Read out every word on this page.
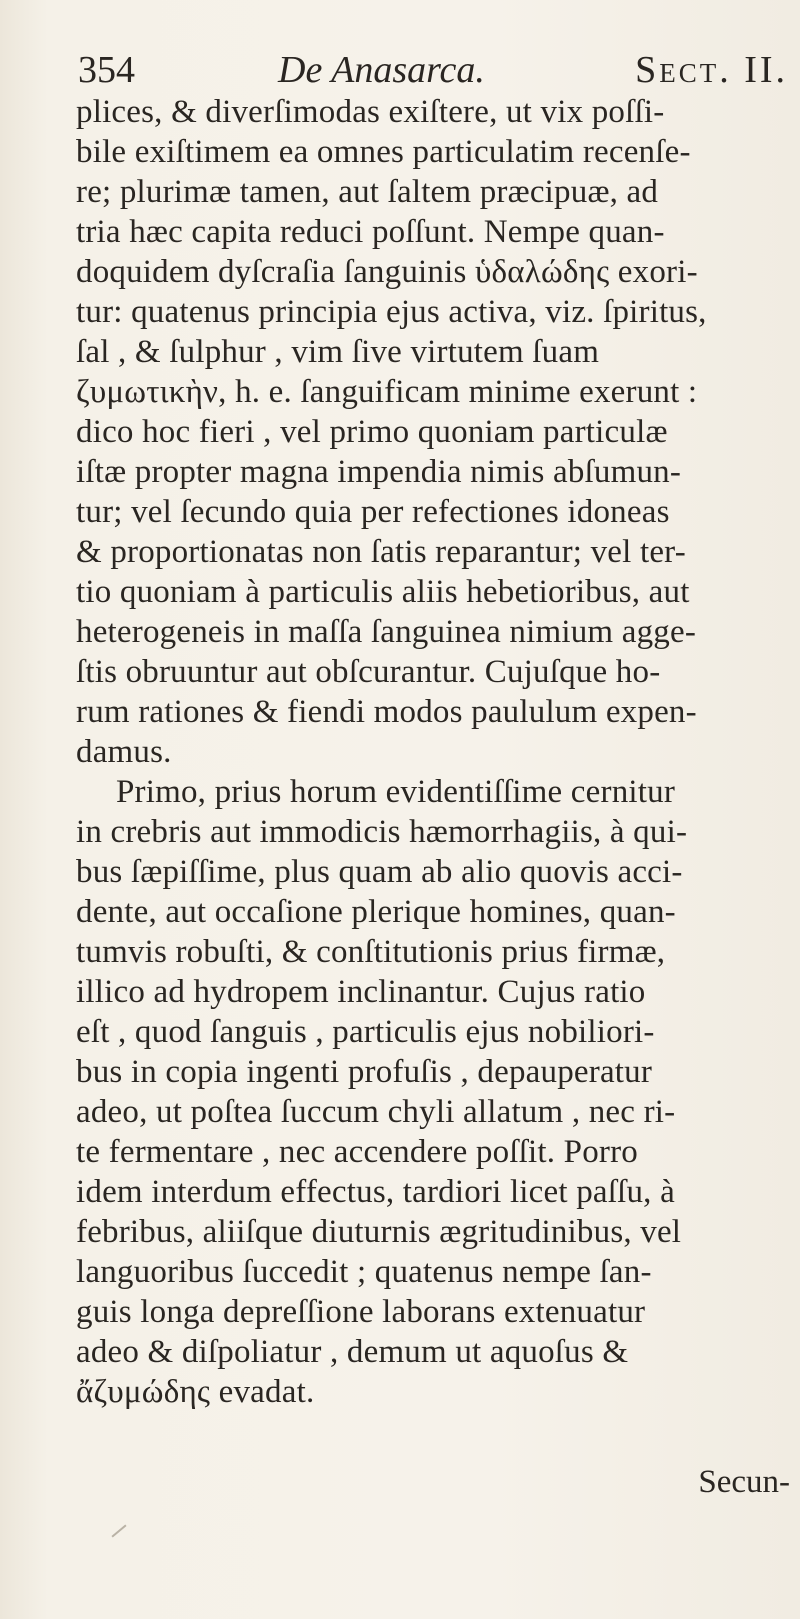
354	De Anasarca.	Sect. II.
plices, & diverſimodas exiſtere, ut vix poſſi-
bile exiſtimem ea omnes particulatim recenſe-
re; plurimæ tamen, aut ſaltem præcipuæ, ad
tria hæc capita reduci poſſunt. Nempe quan-
doquidem dyſcraſia ſanguinis ὑδαλώδης exori-
tur: quatenus principia ejus activa, viz. ſpiritus,
ſal , & ſulphur , vim ſive virtutem ſuam
ζυμωτικὴν, h. e. ſanguificam minime exerunt :
dico hoc fieri , vel primo quoniam particulæ
iſtæ propter magna impendia nimis abſumun-
tur; vel ſecundo quia per refectiones idoneas
& proportionatas non ſatis reparantur; vel ter-
tio quoniam à particulis aliis hebetioribus, aut
heterogeneis in maſſa ſanguinea nimium agge-
ſtis obruuntur aut obſcurantur. Cujuſque ho-
rum rationes & fiendi modos paululum expen-
damus.
Primo, prius horum evidentiſſime cernitur
in crebris aut immodicis hæmorrhagiis, à qui-
bus ſæpiſſime, plus quam ab alio quovis acci-
dente, aut occaſione plerique homines, quan-
tumvis robuſti, & conſtitutionis prius firmæ,
illico ad hydropem inclinantur. Cujus ratio
eſt , quod ſanguis , particulis ejus nobiliori-
bus in copia ingenti profuſis , depauperatur
adeo, ut poſtea ſuccum chyli allatum , nec ri-
te fermentare , nec accendere poſſit. Porro
idem interdum effectus, tardiori licet paſſu, à
febribus, aliiſque diuturnis ægritudinibus, vel
languoribus ſuccedit ; quatenus nempe ſan-
guis longa depreſſione laborans extenuatur
adeo & diſpoliatur , demum ut aquoſus &
ἄζυμώδης evadat.
Secun-
